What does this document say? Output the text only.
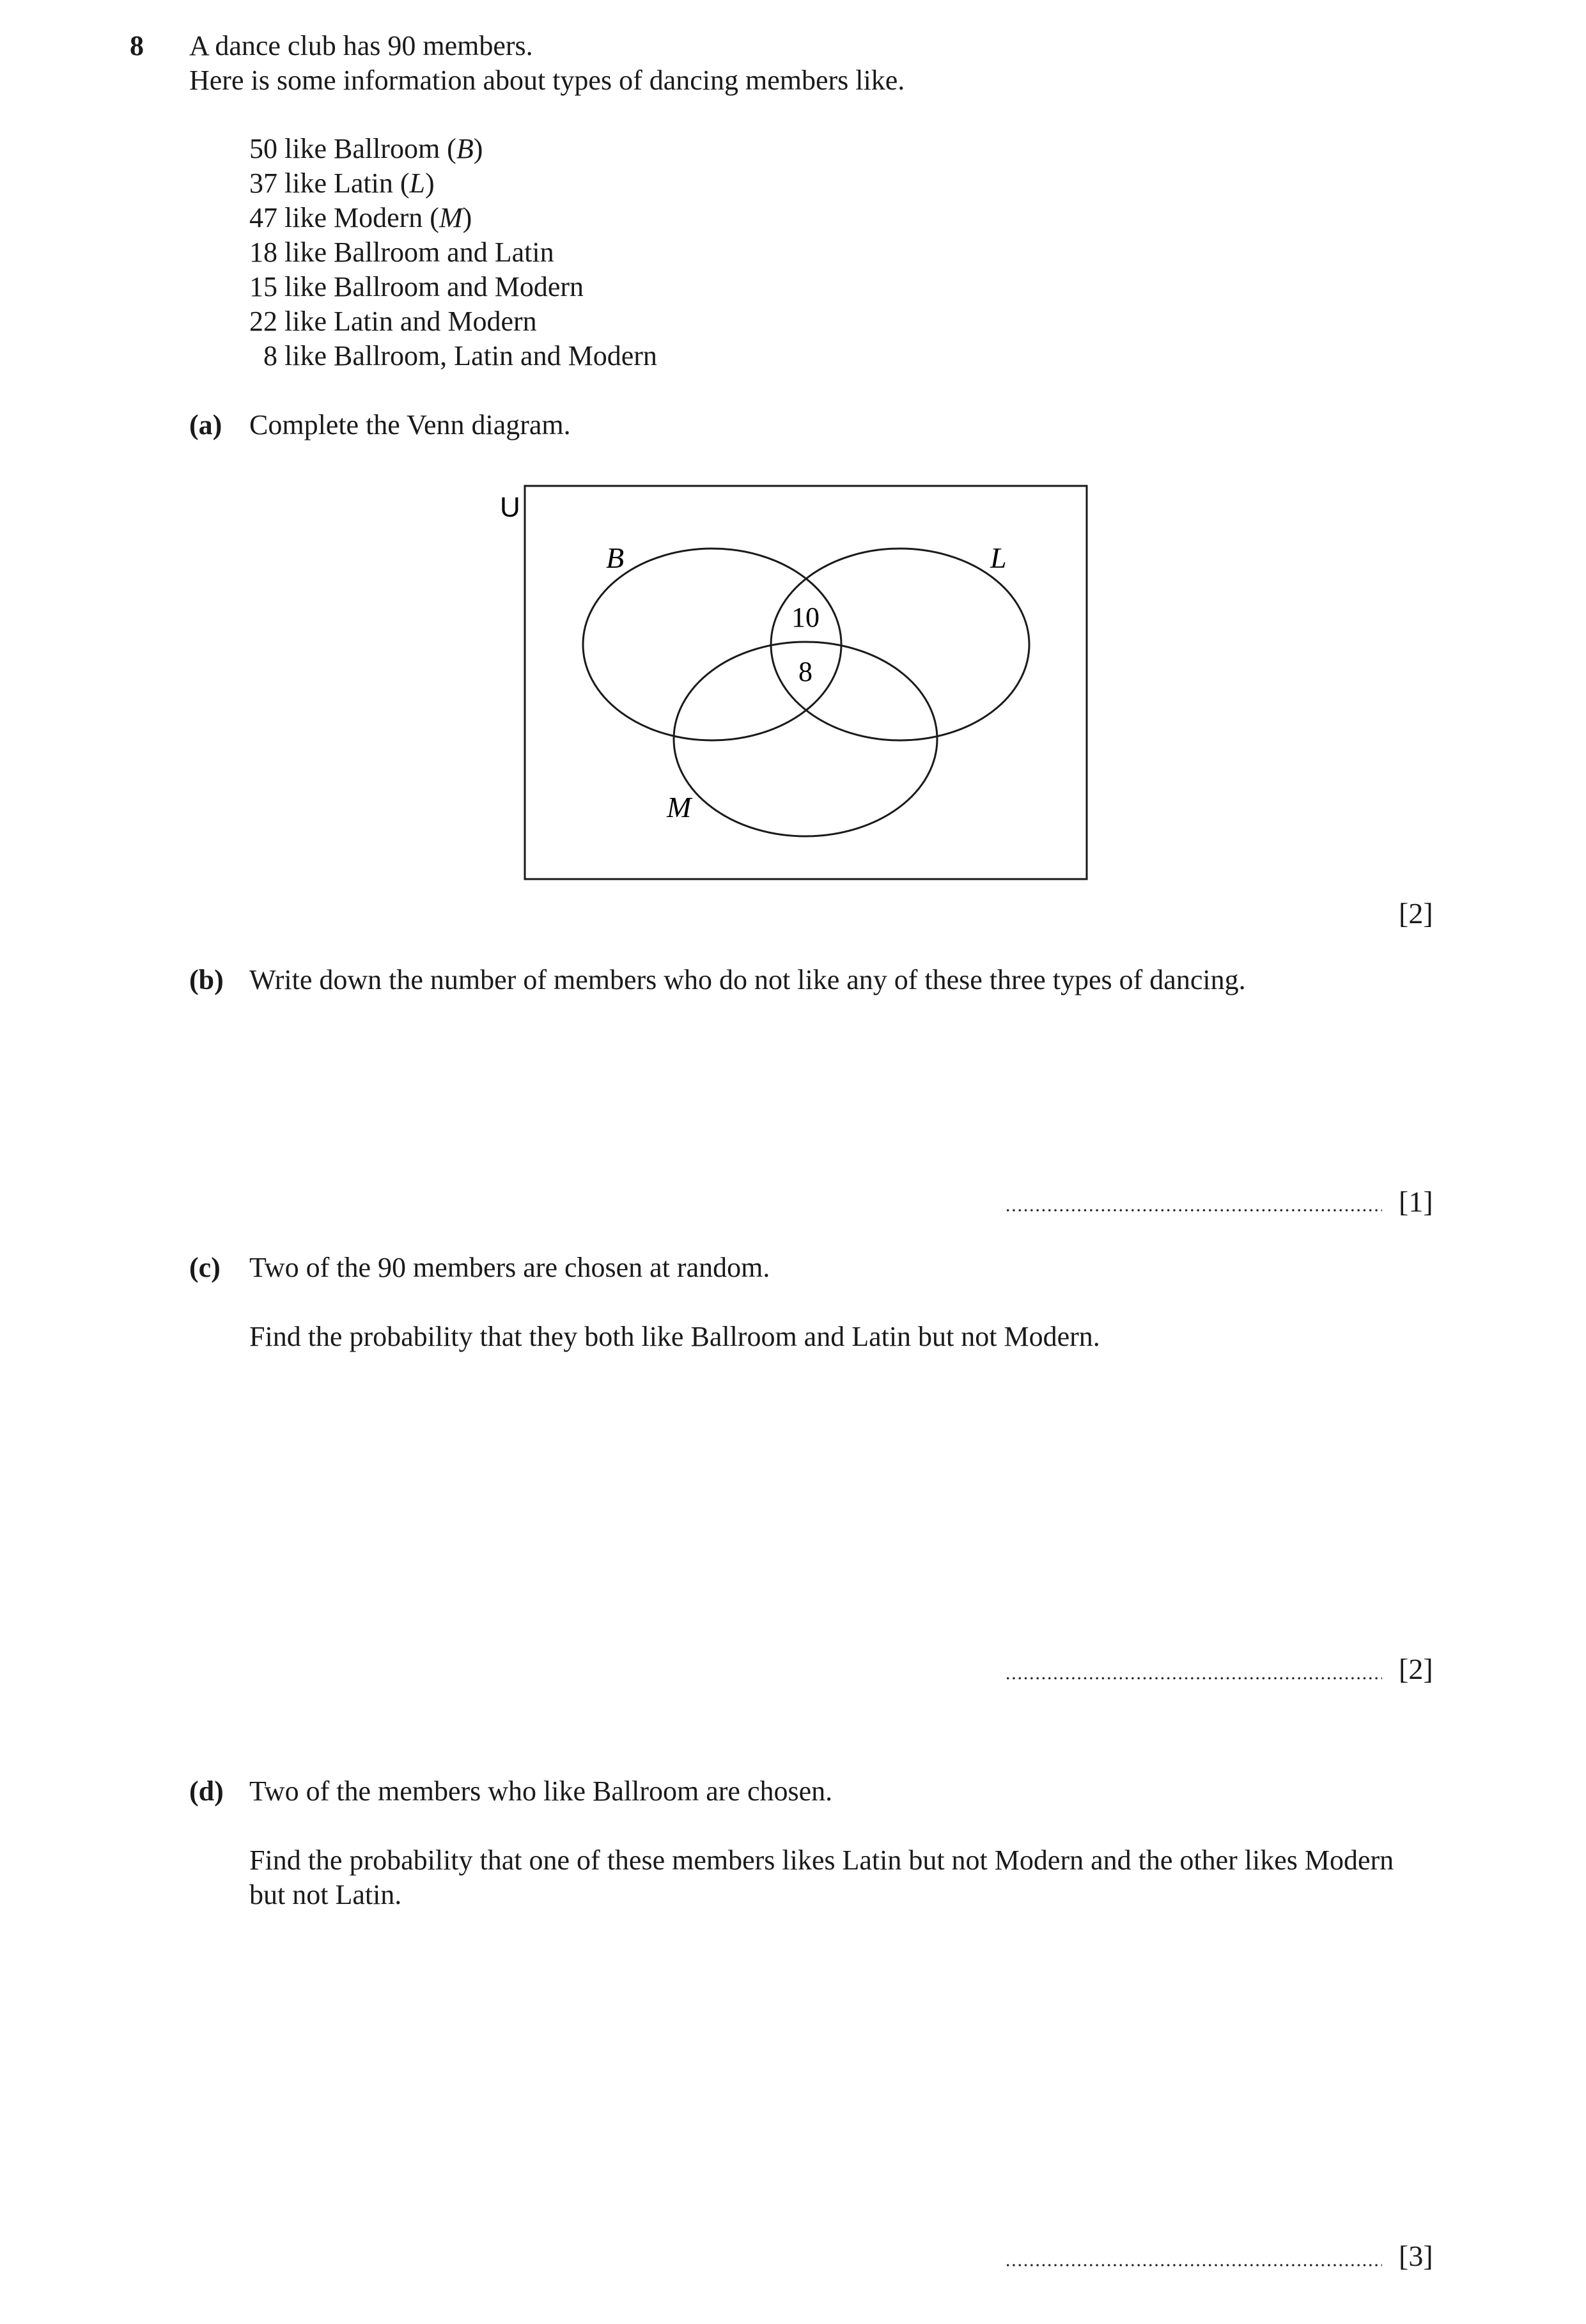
8 A dance club has 90 members.
Here is some information about types of dancing members like.
50 like Ballroom (B)
37 like Latin (L)
47 like Modern (M)
18 like Ballroom and Latin
15 like Ballroom and Modern
22 like Latin and Modern
8 like Ballroom, Latin and Modern
(a) Complete the Venn diagram.
U
B	L
M
10
8
[2]
(b) Write down the number of members who do not like any of these three types of dancing.
[1]
(c) Two of the 90 members are chosen at random.
Find the probability that they both like Ballroom and Latin but not Modern.
[2]
(d) Two of the members who like Ballroom are chosen.
Find the probability that one of these members likes Latin but not Modern and the other likes Modern
but not Latin.
[3]
